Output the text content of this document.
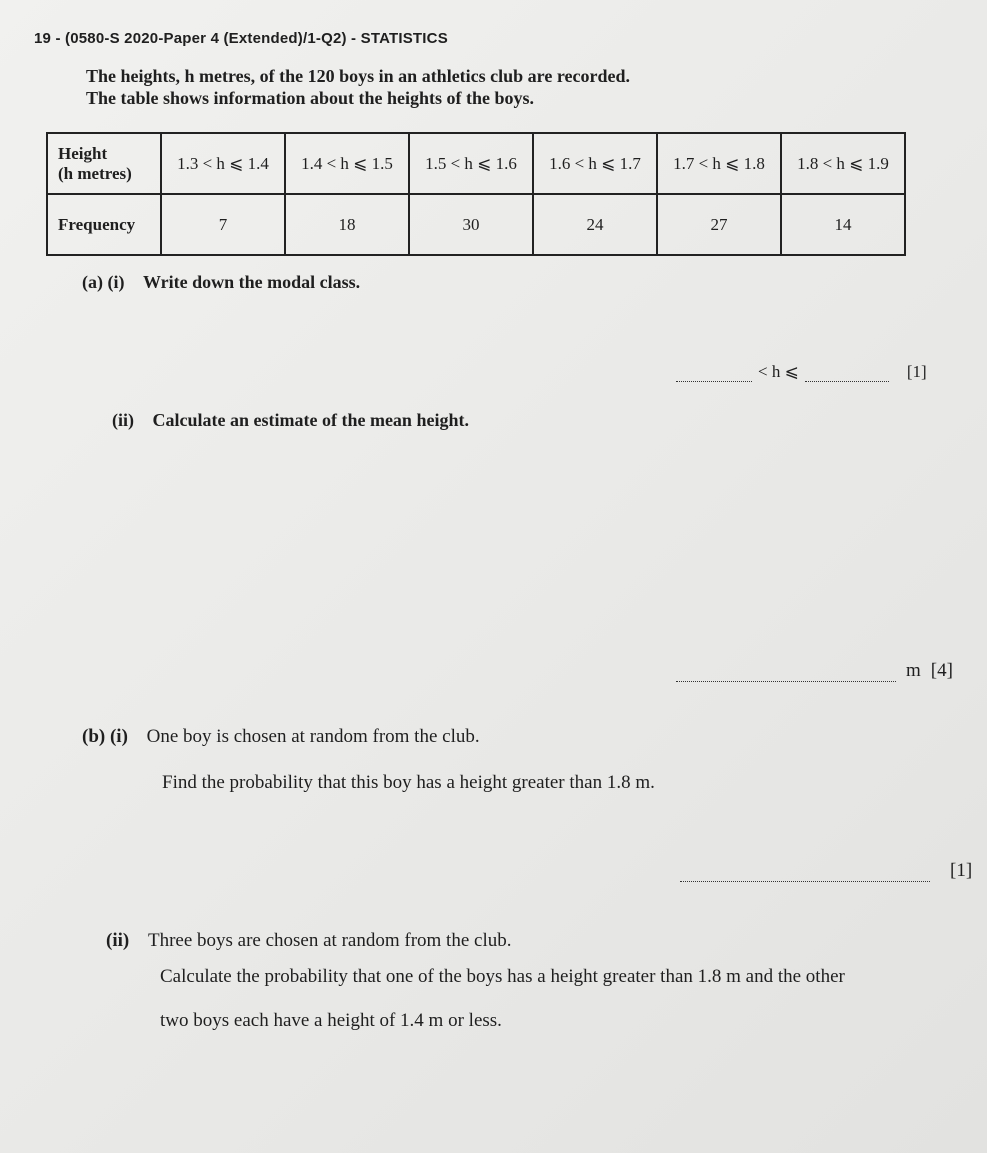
19 - (0580-S 2020-Paper 4 (Extended)/1-Q2) - STATISTICS
The heights, h metres, of the 120 boys in an athletics club are recorded.
The table shows information about the heights of the boys.
Height
(h metres)	1.3 < h ⩽ 1.4	1.4 < h ⩽ 1.5	1.5 < h ⩽ 1.6	1.6 < h ⩽ 1.7	1.7 < h ⩽ 1.8	1.8 < h ⩽ 1.9
Frequency	7	18	30	24	27	14
(a) (i) Write down the modal class.
< h ⩽	[1]
(ii) Calculate an estimate of the mean height.
m [4]
(b) (i) One boy is chosen at random from the club.
Find the probability that this boy has a height greater than 1.8 m.
[1]
(ii) Three boys are chosen at random from the club.
Calculate the probability that one of the boys has a height greater than 1.8 m and the other
two boys each have a height of 1.4 m or less.
